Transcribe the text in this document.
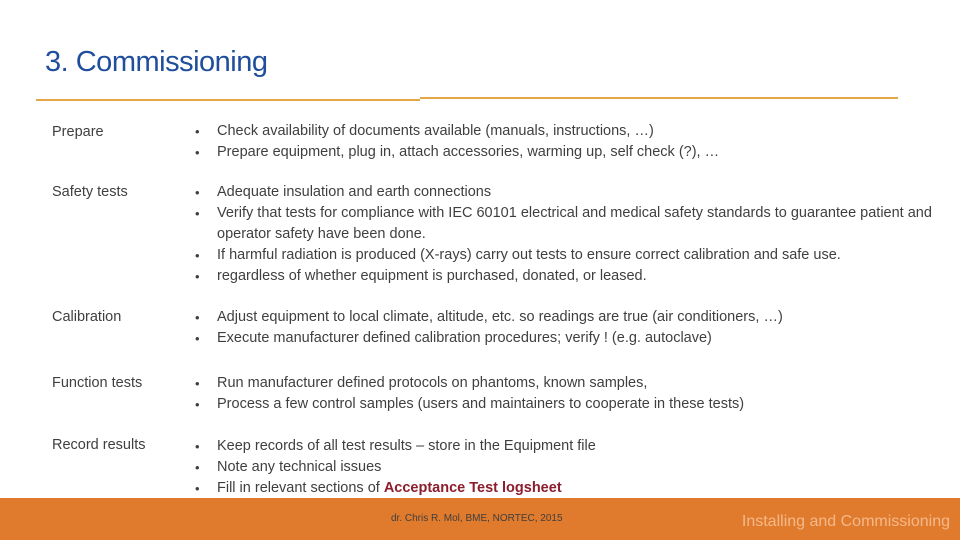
3. Commissioning
Prepare	• Check availability of documents available (manuals, instructions, …)
• Prepare equipment, plug in, attach accessories, warming up, self check (?), …
Safety tests	• Adequate insulation and earth connections
• Verify that tests for compliance with IEC 60101 electrical and medical safety standards to guarantee patient and operator safety have been done.
• If harmful radiation is produced (X-rays) carry out tests to ensure correct calibration and safe use.
• regardless of whether equipment is purchased, donated, or leased.
Calibration	• Adjust equipment to local climate, altitude, etc. so readings are true (air conditioners, …)
• Execute manufacturer defined calibration procedures; verify ! (e.g. autoclave)
Function tests	• Run manufacturer defined protocols on phantoms, known samples,
• Process a few control samples (users and maintainers to cooperate in these tests)
Record results	• Keep records of all test results – store in the Equipment file
• Note any technical issues
• Fill in relevant sections of Acceptance Test logsheet
dr. Chris R. Mol, BME, NORTEC, 2015	Installing and Commissioning
